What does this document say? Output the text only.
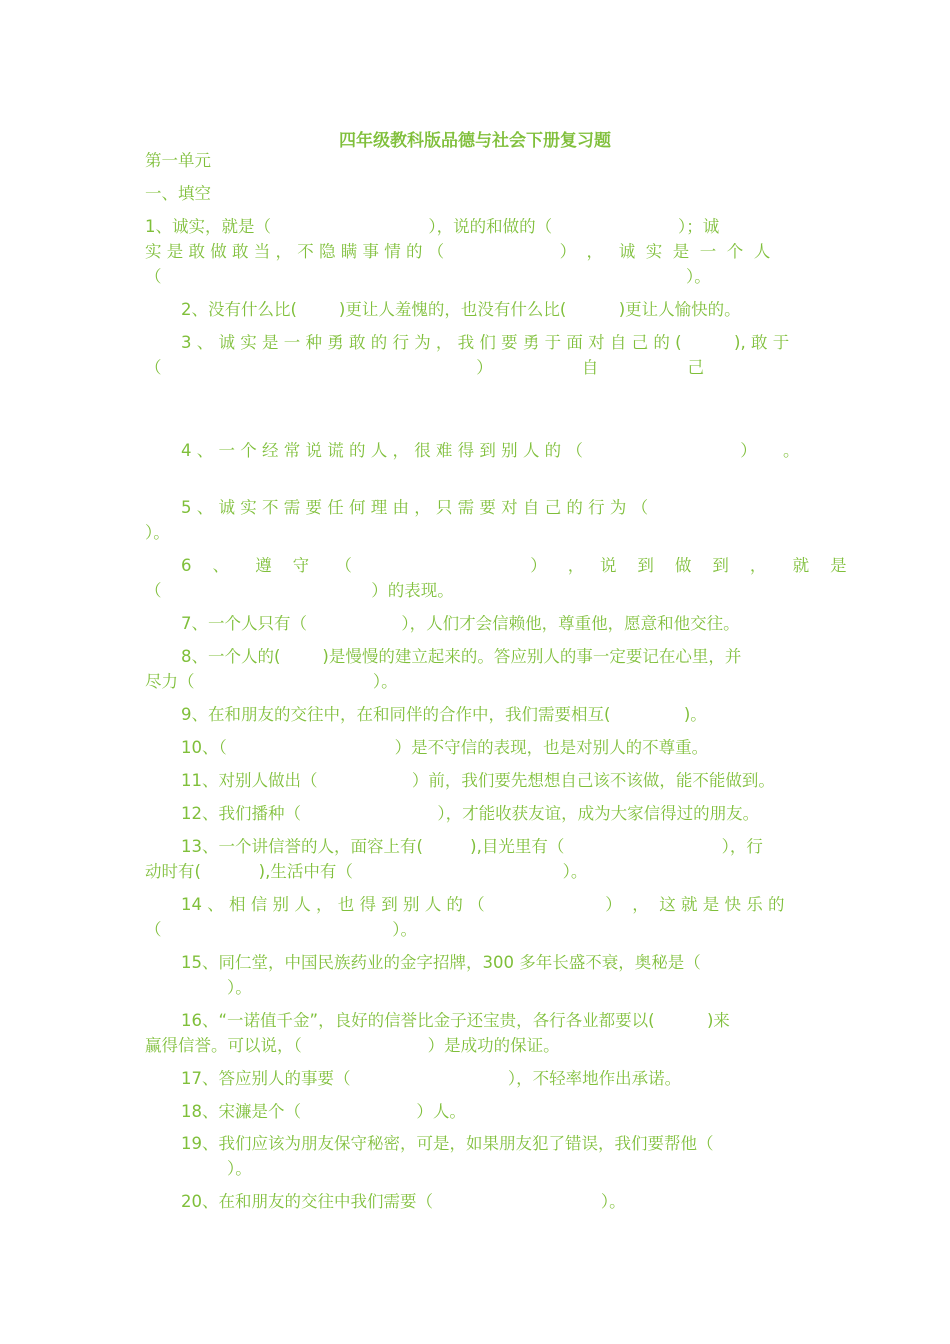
四年级教科版品德与社会下册复习题
第一单元
一、填空
1、诚实，就是（                              ），说的和做的（                        ）；诚
实 是 敢 做 敢 当 ， 不 隐 瞒 事 情 的 （                      ）  ，   诚  实  是  一  个  人
（                                                                                                    ）。
2、没有什么比(        )更让人羞愧的，也没有什么比(          )更让人愉快的。
3 、 诚 实 是 一 种 勇 敢 的 行 为 ， 我 们 要 勇 于 面 对 自 己 的 (          ), 敢 于
（                                                            ）                 自                 己
4 、 一 个 经 常 说 谎 的 人 ， 很 难 得 到 别 人 的 （                              ）     。
5 、 诚 实 不 需 要 任 何 理 由 ， 只 需 要 对 自 己 的 行 为 （
）。
6    、     遵    守     （                                  ）    ，   说    到    做    到    ，     就    是
（                                        ）的表现。
7、一个人只有（                  ），人们才会信赖他，尊重他，愿意和他交往。
8、一个人的(        )是慢慢的建立起来的。答应别人的事一定要记在心里，并
尽力（                                  ）。
9、在和朋友的交往中，在和同伴的合作中，我们需要相互(              )。
10、（                                ）是不守信的表现，也是对别人的不尊重。
11、对别人做出（                  ）前，我们要先想想自己该不该做，能不能做到。
12、我们播种（                          ），才能收获友谊，成为大家信得过的朋友。
13、一个讲信誉的人，面容上有(         ),目光里有（                              ），行
动时有(           ),生活中有（                                        ）。
14 、 相 信 别 人 ， 也 得 到 别 人 的 （                       ）  ，  这 就 是 快 乐 的
（                                            ）。
15、同仁堂，中国民族药业的金字招牌，300 多年长盛不衰，奥秘是（
）。
16、“一诺值千金”，良好的信誉比金子还宝贵，各行各业都要以(          )来
赢得信誉。可以说，（                        ）是成功的保证。
17、答应别人的事要（                              ），不轻率地作出承诺。
18、宋濂是个（                      ）人。
19、我们应该为朋友保守秘密，可是，如果朋友犯了错误，我们要帮他（
）。
20、在和朋友的交往中我们需要（                                ）。
